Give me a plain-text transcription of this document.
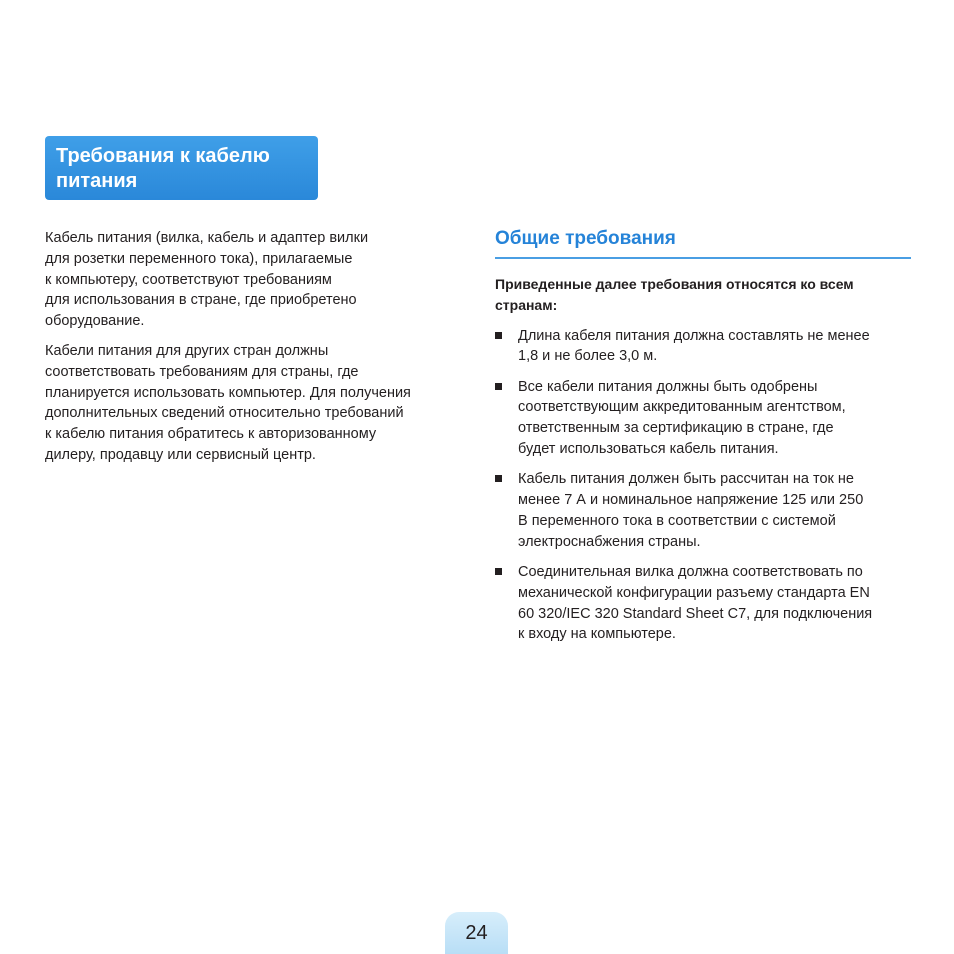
Требования к кабелю
питания

Кабель питания (вилка, кабель и адаптер вилки
для розетки переменного тока), прилагаемые
к компьютеру, соответствуют требованиям
для использования в стране, где приобретено
оборудование.

Кабели питания для других стран должны
соответствовать требованиям для страны, где
планируется использовать компьютер. Для получения
дополнительных сведений относительно требований
к кабелю питания обратитесь к авторизованному
дилеру, продавцу или сервисный центр.

Общие требования

Приведенные далее требования относятся ко всем
странам:

Длина кабеля питания должна составлять не менее
1,8 и не более 3,0 м.
Все кабели питания должны быть одобрены
соответствующим аккредитованным агентством,
ответственным за сертификацию в стране, где
будет использоваться кабель питания.
Кабель питания должен быть рассчитан на ток не
менее 7 А и номинальное напряжение 125 или 250
В переменного тока в соответствии с системой
электроснабжения страны.
Соединительная вилка должна соответствовать по
механической конфигурации разъему стандарта EN
60 320/IEC 320 Standard Sheet C7, для подключения
к входу на компьютере.
24
